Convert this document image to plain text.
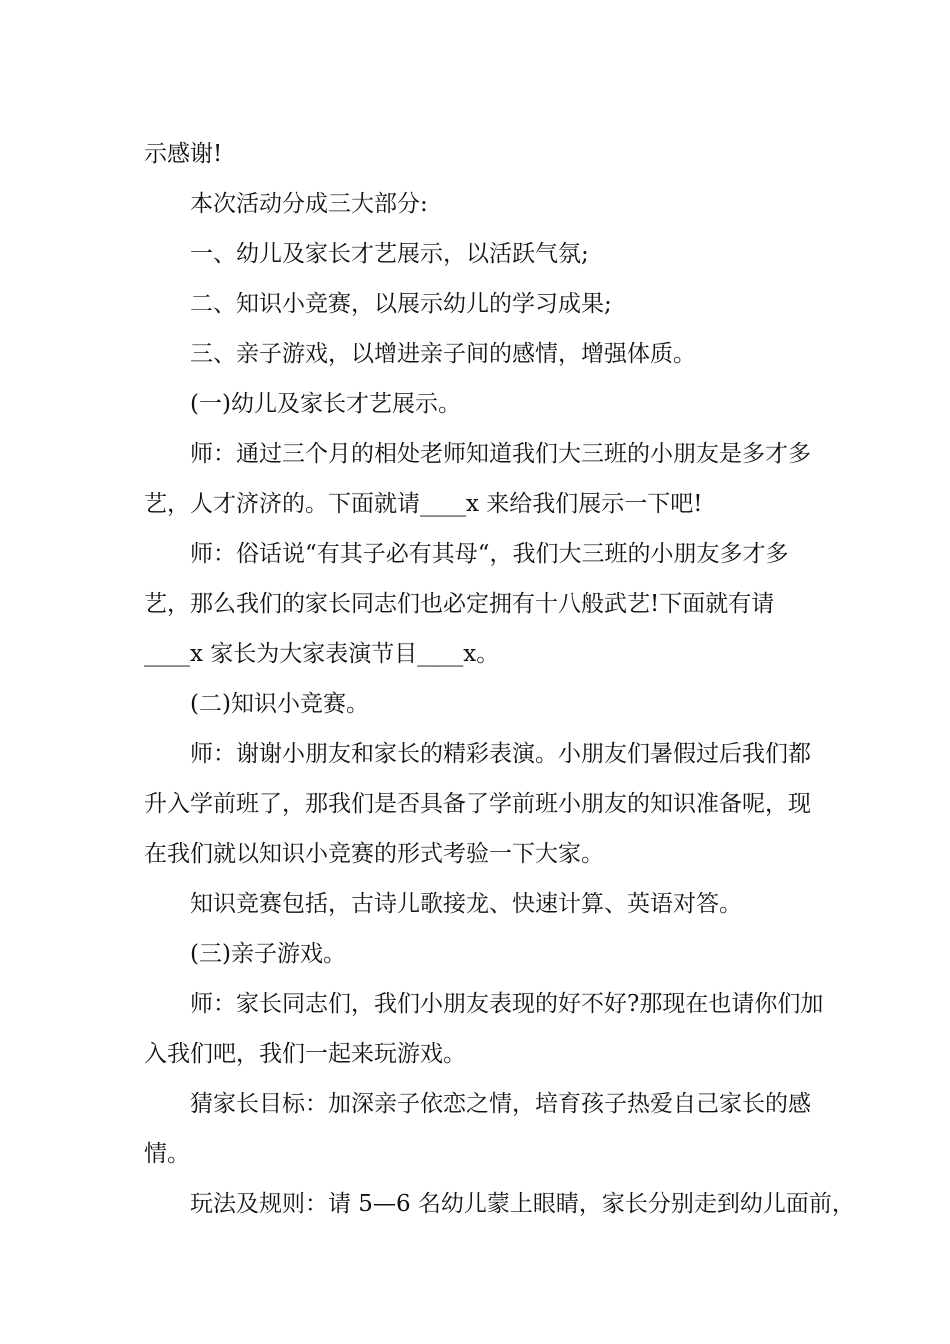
示感谢!
本次活动分成三大部分:
一、幼儿及家长才艺展示，以活跃气氛;
二、知识小竞赛，以展示幼儿的学习成果;
三、亲子游戏，以增进亲子间的感情，增强体质。
(一)幼儿及家长才艺展示。
师：通过三个月的相处老师知道我们大三班的小朋友是多才多
艺，人才济济的。下面就请____x 来给我们展示一下吧!
师：俗话说“有其子必有其母“，我们大三班的小朋友多才多
艺，那么我们的家长同志们也必定拥有十八般武艺!下面就有请
____x 家长为大家表演节目____x。
(二)知识小竞赛。
师：谢谢小朋友和家长的精彩表演。小朋友们暑假过后我们都
升入学前班了，那我们是否具备了学前班小朋友的知识准备呢，现
在我们就以知识小竞赛的形式考验一下大家。
知识竞赛包括，古诗儿歌接龙、快速计算、英语对答。
(三)亲子游戏。
师：家长同志们，我们小朋友表现的好不好?那现在也请你们加
入我们吧，我们一起来玩游戏。
猜家长目标：加深亲子依恋之情，培育孩子热爱自己家长的感
情。
玩法及规则：请 5—6 名幼儿蒙上眼睛，家长分别走到幼儿面前，
